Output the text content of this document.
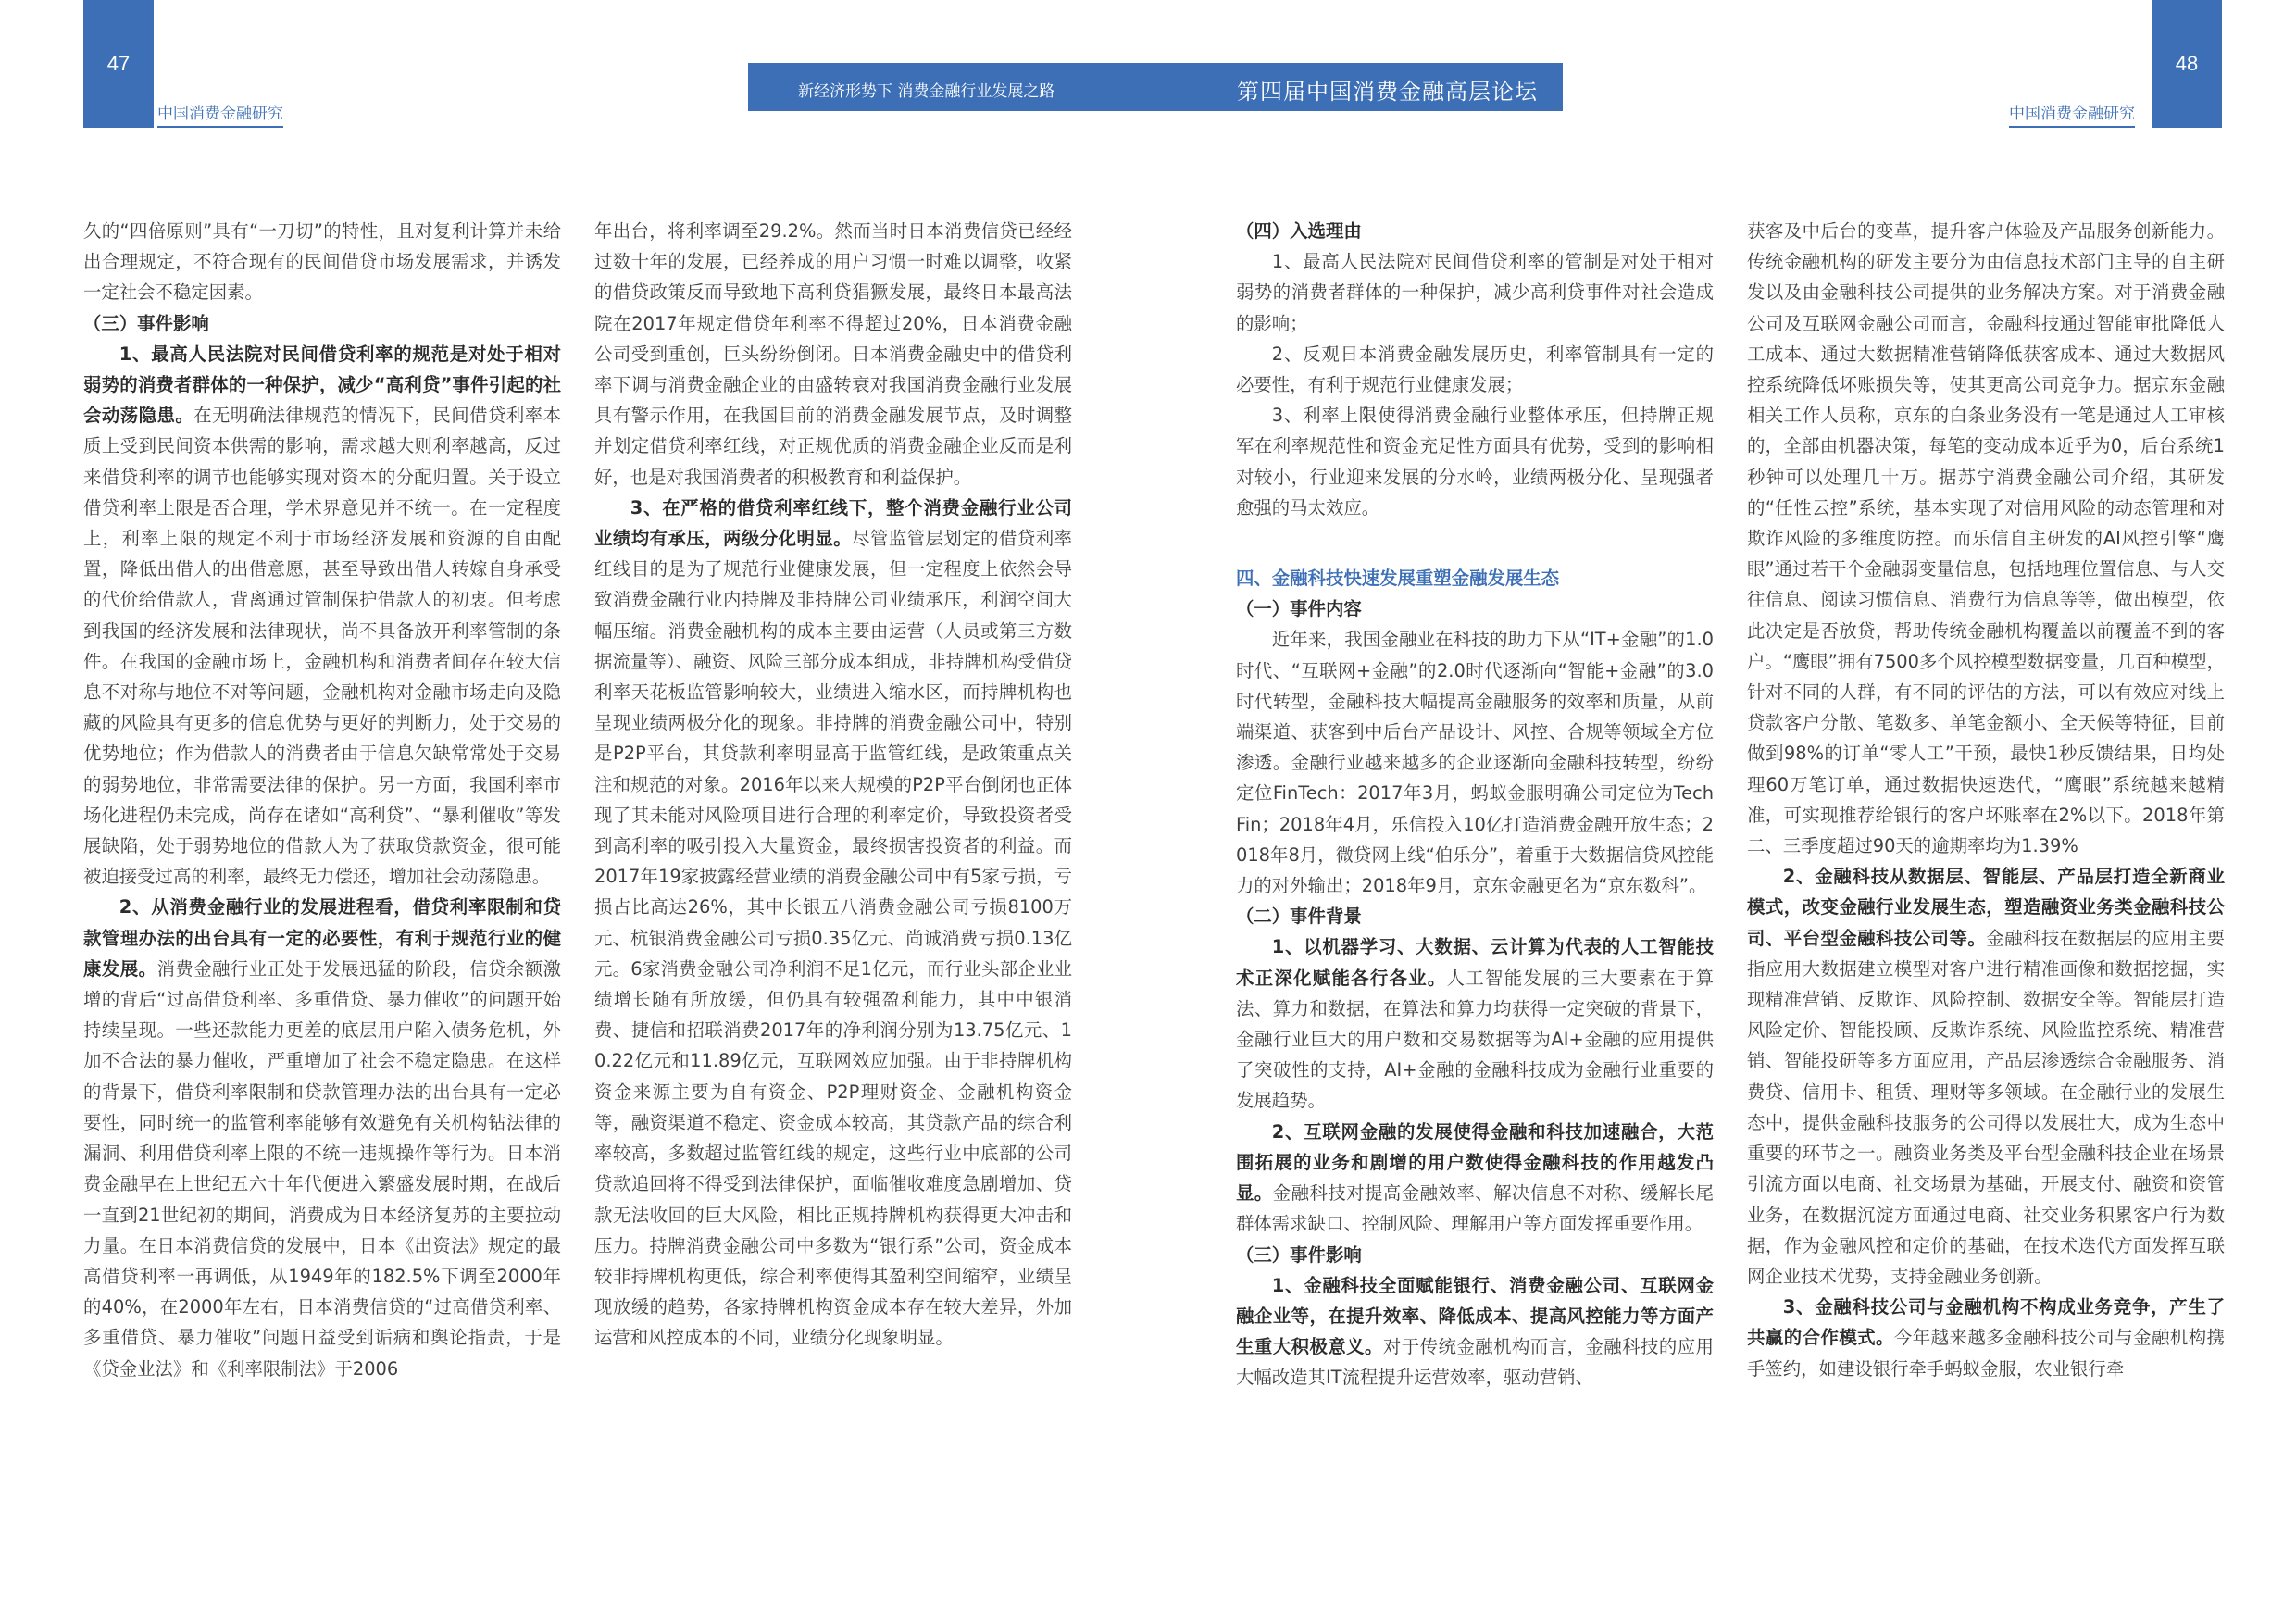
47	48
中国消费金融研究	中国消费金融研究
新经济形势下 消费金融行业发展之路	第四届中国消费金融高层论坛

久的“四倍原则”具有“一刀切”的特性，且对复利计算并未给出合理规定，不符合现有的民间借贷市场发展需求，并诱发一定社会不稳定因素。

（三）事件影响

1、最高人民法院对民间借贷利率的规范是对处于相对弱势的消费者群体的一种保护，减少“高利贷”事件引起的社会动荡隐患。在无明确法律规范的情况下，民间借贷利率本质上受到民间资本供需的影响，需求越大则利率越高，反过来借贷利率的调节也能够实现对资本的分配归置。关于设立借贷利率上限是否合理，学术界意见并不统一。在一定程度上，利率上限的规定不利于市场经济发展和资源的自由配置，降低出借人的出借意愿，甚至导致出借人转嫁自身承受的代价给借款人，背离通过管制保护借款人的初衷。但考虑到我国的经济发展和法律现状，尚不具备放开利率管制的条件。在我国的金融市场上，金融机构和消费者间存在较大信息不对称与地位不对等问题，金融机构对金融市场走向及隐藏的风险具有更多的信息优势与更好的判断力，处于交易的优势地位；作为借款人的消费者由于信息欠缺常常处于交易的弱势地位，非常需要法律的保护。另一方面，我国利率市场化进程仍未完成，尚存在诸如“高利贷”、“暴利催收”等发展缺陷，处于弱势地位的借款人为了获取贷款资金，很可能被迫接受过高的利率，最终无力偿还，增加社会动荡隐患。

2、从消费金融行业的发展进程看，借贷利率限制和贷款管理办法的出台具有一定的必要性，有利于规范行业的健康发展。消费金融行业正处于发展迅猛的阶段，信贷余额激增的背后“过高借贷利率、多重借贷、暴力催收”的问题开始持续呈现。一些还款能力更差的底层用户陷入债务危机，外加不合法的暴力催收，严重增加了社会不稳定隐患。在这样的背景下，借贷利率限制和贷款管理办法的出台具有一定必要性，同时统一的监管利率能够有效避免有关机构钻法律的漏洞、利用借贷利率上限的不统一违规操作等行为。日本消费金融早在上世纪五六十年代便进入繁盛发展时期，在战后一直到21世纪初的期间，消费成为日本经济复苏的主要拉动力量。在日本消费信贷的发展中，日本《出资法》规定的最高借贷利率一再调低，从1949年的182.5%下调至2000年的40%，在2000年左右，日本消费信贷的“过高借贷利率、多重借贷、暴力催收”问题日益受到诟病和舆论指责，于是《贷金业法》和《利率限制法》于2006

年出台，将利率调至29.2%。然而当时日本消费信贷已经经过数十年的发展，已经养成的用户习惯一时难以调整，收紧的借贷政策反而导致地下高利贷猖獗发展，最终日本最高法院在2017年规定借贷年利率不得超过20%，日本消费金融公司受到重创，巨头纷纷倒闭。日本消费金融史中的借贷利率下调与消费金融企业的由盛转衰对我国消费金融行业发展具有警示作用，在我国目前的消费金融发展节点，及时调整并划定借贷利率红线，对正规优质的消费金融企业反而是利好，也是对我国消费者的积极教育和利益保护。

3、在严格的借贷利率红线下，整个消费金融行业公司业绩均有承压，两级分化明显。尽管监管层划定的借贷利率红线目的是为了规范行业健康发展，但一定程度上依然会导致消费金融行业内持牌及非持牌公司业绩承压，利润空间大幅压缩。消费金融机构的成本主要由运营（人员或第三方数据流量等）、融资、风险三部分成本组成，非持牌机构受借贷利率天花板监管影响较大，业绩进入缩水区，而持牌机构也呈现业绩两极分化的现象。非持牌的消费金融公司中，特别是P2P平台，其贷款利率明显高于监管红线，是政策重点关注和规范的对象。2016年以来大规模的P2P平台倒闭也正体现了其未能对风险项目进行合理的利率定价，导致投资者受到高利率的吸引投入大量资金，最终损害投资者的利益。而2017年19家披露经营业绩的消费金融公司中有5家亏损，亏损占比高达26%，其中长银五八消费金融公司亏损8100万元、杭银消费金融公司亏损0.35亿元、尚诚消费亏损0.13亿元。6家消费金融公司净利润不足1亿元，而行业头部企业业绩增长随有所放缓，但仍具有较强盈利能力，其中中银消费、捷信和招联消费2017年的净利润分别为13.75亿元、10.22亿元和11.89亿元，互联网效应加强。由于非持牌机构资金来源主要为自有资金、P2P理财资金、金融机构资金等，融资渠道不稳定、资金成本较高，其贷款产品的综合利率较高，多数超过监管红线的规定，这些行业中底部的公司贷款追回将不得受到法律保护，面临催收难度急剧增加、贷款无法收回的巨大风险，相比正规持牌机构获得更大冲击和压力。持牌消费金融公司中多数为“银行系”公司，资金成本较非持牌机构更低，综合利率使得其盈利空间缩窄，业绩呈现放缓的趋势，各家持牌机构资金成本存在较大差异，外加运营和风控成本的不同，业绩分化现象明显。

（四）入选理由

1、最高人民法院对民间借贷利率的管制是对处于相对弱势的消费者群体的一种保护，减少高利贷事件对社会造成的影响；

2、反观日本消费金融发展历史，利率管制具有一定的必要性，有利于规范行业健康发展；

3、利率上限使得消费金融行业整体承压，但持牌正规军在利率规范性和资金充足性方面具有优势，受到的影响相对较小，行业迎来发展的分水岭，业绩两极分化、呈现强者愈强的马太效应。

四、金融科技快速发展重塑金融发展生态

（一）事件内容

近年来，我国金融业在科技的助力下从“IT+金融”的1.0时代、“互联网+金融”的2.0时代逐渐向“智能+金融”的3.0时代转型，金融科技大幅提高金融服务的效率和质量，从前端渠道、获客到中后台产品设计、风控、合规等领域全方位渗透。金融行业越来越多的企业逐渐向金融科技转型，纷纷定位FinTech：2017年3月，蚂蚁金服明确公司定位为TechFin；2018年4月，乐信投入10亿打造消费金融开放生态；2018年8月，微贷网上线“伯乐分”，着重于大数据信贷风控能力的对外输出；2018年9月，京东金融更名为“京东数科”。

（二）事件背景

1、以机器学习、大数据、云计算为代表的人工智能技术正深化赋能各行各业。人工智能发展的三大要素在于算法、算力和数据，在算法和算力均获得一定突破的背景下，金融行业巨大的用户数和交易数据等为AI+金融的应用提供了突破性的支持，AI+金融的金融科技成为金融行业重要的发展趋势。

2、互联网金融的发展使得金融和科技加速融合，大范围拓展的业务和剧增的用户数使得金融科技的作用越发凸显。金融科技对提高金融效率、解决信息不对称、缓解长尾群体需求缺口、控制风险、理解用户等方面发挥重要作用。

（三）事件影响

1、金融科技全面赋能银行、消费金融公司、互联网金融企业等，在提升效率、降低成本、提高风控能力等方面产生重大积极意义。对于传统金融机构而言，金融科技的应用大幅改造其IT流程提升运营效率，驱动营销、

获客及中后台的变革，提升客户体验及产品服务创新能力。传统金融机构的研发主要分为由信息技术部门主导的自主研发以及由金融科技公司提供的业务解决方案。对于消费金融公司及互联网金融公司而言，金融科技通过智能审批降低人工成本、通过大数据精准营销降低获客成本、通过大数据风控系统降低坏账损失等，使其更高公司竞争力。据京东金融相关工作人员称，京东的白条业务没有一笔是通过人工审核的，全部由机器决策，每笔的变动成本近乎为0，后台系统1秒钟可以处理几十万。据苏宁消费金融公司介绍，其研发的“任性云控”系统，基本实现了对信用风险的动态管理和对欺诈风险的多维度防控。而乐信自主研发的AI风控引擎“鹰眼”通过若干个金融弱变量信息，包括地理位置信息、与人交往信息、阅读习惯信息、消费行为信息等等，做出模型，依此决定是否放贷，帮助传统金融机构覆盖以前覆盖不到的客户。“鹰眼”拥有7500多个风控模型数据变量，几百种模型，针对不同的人群，有不同的评估的方法，可以有效应对线上贷款客户分散、笔数多、单笔金额小、全天候等特征，目前做到98%的订单“零人工”干预，最快1秒反馈结果，日均处理60万笔订单，通过数据快速迭代，“鹰眼”系统越来越精准，可实现推荐给银行的客户坏账率在2%以下。2018年第二、三季度超过90天的逾期率均为1.39%

2、金融科技从数据层、智能层、产品层打造全新商业模式，改变金融行业发展生态，塑造融资业务类金融科技公司、平台型金融科技公司等。金融科技在数据层的应用主要指应用大数据建立模型对客户进行精准画像和数据挖掘，实现精准营销、反欺诈、风险控制、数据安全等。智能层打造风险定价、智能投顾、反欺诈系统、风险监控系统、精准营销、智能投研等多方面应用，产品层渗透综合金融服务、消费贷、信用卡、租赁、理财等多领域。在金融行业的发展生态中，提供金融科技服务的公司得以发展壮大，成为生态中重要的环节之一。融资业务类及平台型金融科技企业在场景引流方面以电商、社交场景为基础，开展支付、融资和资管业务，在数据沉淀方面通过电商、社交业务积累客户行为数据，作为金融风控和定价的基础，在技术迭代方面发挥互联网企业技术优势，支持金融业务创新。

3、金融科技公司与金融机构不构成业务竞争，产生了共赢的合作模式。今年越来越多金融科技公司与金融机构携手签约，如建设银行牵手蚂蚁金服，农业银行牵
